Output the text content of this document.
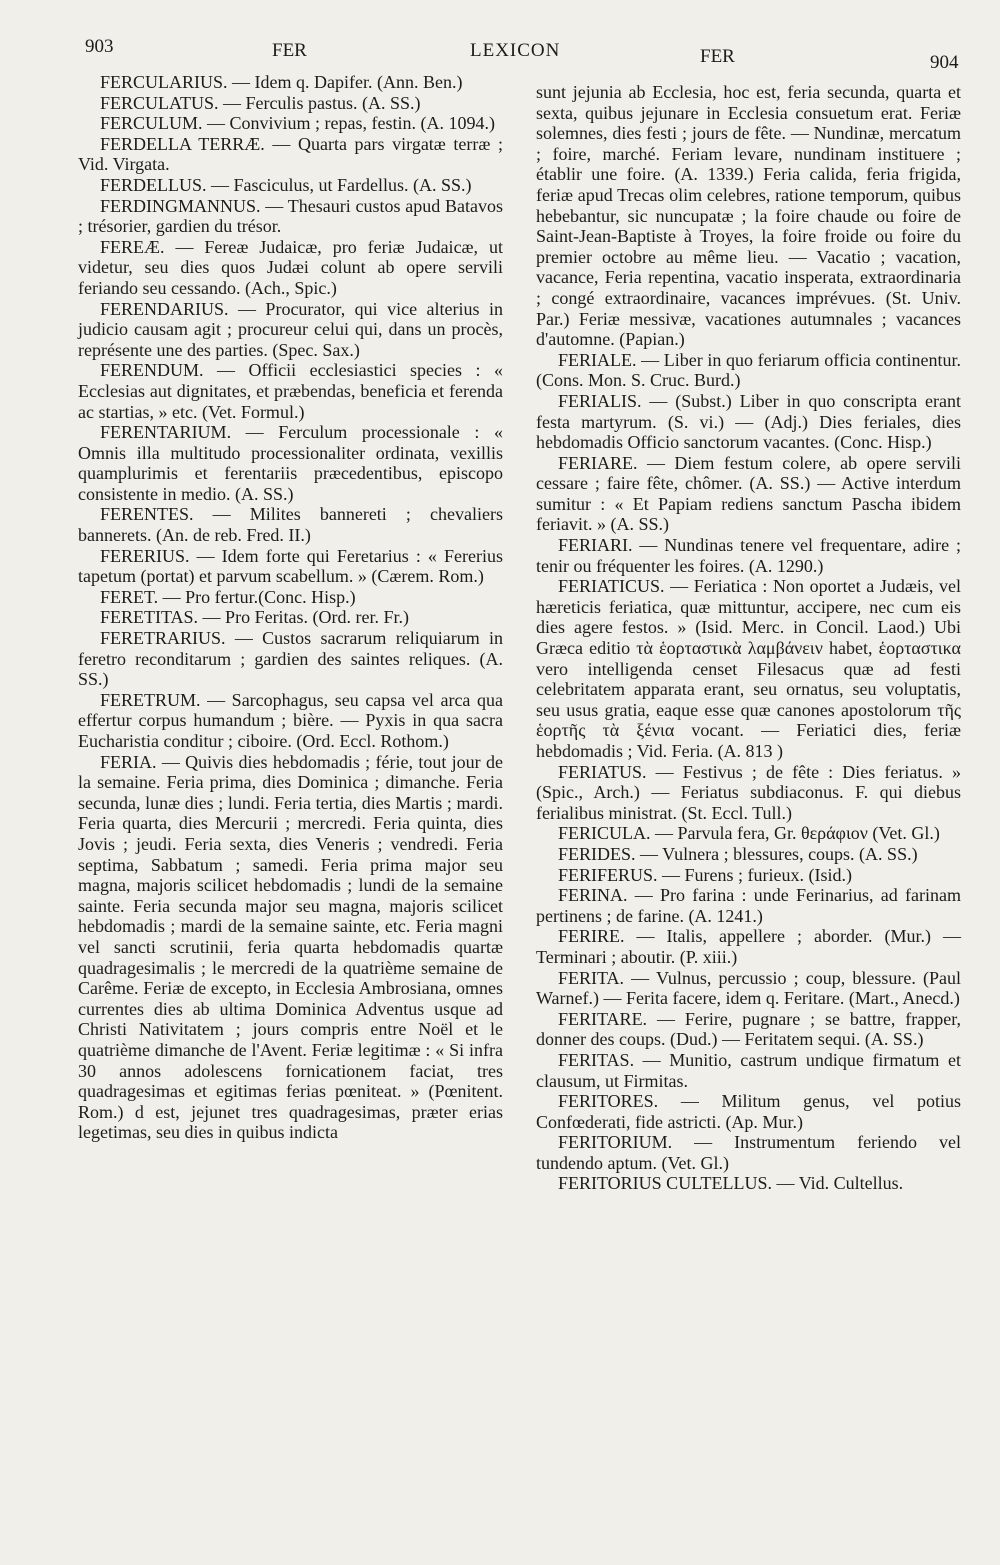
903	FER	LEXICON	FER	904

FERCULARIUS. — Idem q. Dapifer. (Ann. Ben.)

FERCULATUS. — Ferculis pastus. (A. SS.)

FERCULUM. — Convivium ; repas, festin. (A. 1094.)

FERDELLA TERRÆ. — Quarta pars virgatæ terræ ; Vid. Virgata.

FERDELLUS. — Fasciculus, ut Fardellus. (A. SS.)

FERDINGMANNUS. — Thesauri custos apud Batavos ; trésorier, gardien du trésor.

FEREÆ. — Fereæ Judaicæ, pro feriæ Judaicæ, ut videtur, seu dies quos Judæi colunt ab opere servili feriando seu cessando. (Ach., Spic.)

FERENDARIUS. — Procurator, qui vice alterius in judicio causam agit ; procureur celui qui, dans un procès, représente une des parties. (Spec. Sax.)

FERENDUM. — Officii ecclesiastici species : « Ecclesias aut dignitates, et præbendas, beneficia et ferenda ac startias, » etc. (Vet. Formul.)

FERENTARIUM. — Ferculum processionale : « Omnis illa multitudo processionaliter ordinata, vexillis quamplurimis et ferentariis præcedentibus, episcopo consistente in medio. (A. SS.)

FERENTES. — Milites bannereti ; chevaliers bannerets. (An. de reb. Fred. II.)

FERERIUS. — Idem forte qui Feretarius : « Fererius tapetum (portat) et parvum scabellum. » (Cærem. Rom.)

FERET. — Pro fertur.(Conc. Hisp.)

FERETITAS. — Pro Feritas. (Ord. rer. Fr.)

FERETRARIUS. — Custos sacrarum reliquiarum in feretro reconditarum ; gardien des saintes reliques. (A. SS.)

FERETRUM. — Sarcophagus, seu capsa vel arca qua effertur corpus humandum ; bière. — Pyxis in qua sacra Eucharistia conditur ; ciboire. (Ord. Eccl. Rothom.)

FERIA. — Quivis dies hebdomadis ; férie, tout jour de la semaine. Feria prima, dies Dominica ; dimanche. Feria secunda, lunæ dies ; lundi. Feria tertia, dies Martis ; mardi. Feria quarta, dies Mercurii ; mercredi. Feria quinta, dies Jovis ; jeudi. Feria sexta, dies Veneris ; vendredi. Feria septima, Sabbatum ; samedi. Feria prima major seu magna, majoris scilicet hebdomadis ; lundi de la semaine sainte. Feria secunda major seu magna, majoris scilicet hebdomadis ; mardi de la semaine sainte, etc. Feria magni vel sancti scrutinii, feria quarta hebdomadis quartæ quadragesimalis ; le mercredi de la quatrième semaine de Carême. Feriæ de excepto, in Ecclesia Ambrosiana, omnes currentes dies ab ultima Dominica Adventus usque ad Christi Nativitatem ; jours compris entre Noël et le quatrième dimanche de l'Avent. Feriæ legitimæ : « Si infra 30 annos adolescens fornicationem faciat, tres quadragesimas et egitimas ferias pœniteat. » (Pœnitent. Rom.) d est, jejunet tres quadragesimas, præter erias legetimas, seu dies in quibus indicta

sunt jejunia ab Ecclesia, hoc est, feria secunda, quarta et sexta, quibus jejunare in Ecclesia consuetum erat. Feriæ solemnes, dies festi ; jours de fête. — Nundinæ, mercatum ; foire, marché. Feriam levare, nundinam instituere ; établir une foire. (A. 1339.) Feria calida, feria frigida, feriæ apud Trecas olim celebres, ratione temporum, quibus hebebantur, sic nuncupatæ ; la foire chaude ou foire de Saint-Jean-Baptiste à Troyes, la foire froide ou foire du premier octobre au même lieu. — Vacatio ; vacation, vacance, Feria repentina, vacatio insperata, extraordinaria ; congé extraordinaire, vacances imprévues. (St. Univ. Par.) Feriæ messivæ, vacationes autumnales ; vacances d'automne. (Papian.)

FERIALE. — Liber in quo feriarum officia continentur. (Cons. Mon. S. Cruc. Burd.)

FERIALIS. — (Subst.) Liber in quo conscripta erant festa martyrum. (S. vi.) — (Adj.) Dies feriales, dies hebdomadis Officio sanctorum vacantes. (Conc. Hisp.)

FERIARE. — Diem festum colere, ab opere servili cessare ; faire fête, chômer. (A. SS.) — Active interdum sumitur : « Et Papiam rediens sanctum Pascha ibidem feriavit. » (A. SS.)

FERIARI. — Nundinas tenere vel frequentare, adire ; tenir ou fréquenter les foires. (A. 1290.)

FERIATICUS. — Feriatica : Non oportet a Judæis, vel hæreticis feriatica, quæ mittuntur, accipere, nec cum eis dies agere festos. » (Isid. Merc. in Concil. Laod.) Ubi Græca editio τὰ ἑορταστικὰ λαμβάνειν habet, ἑορταστικα vero intelligenda censet Filesacus quæ ad festi celebritatem apparata erant, seu ornatus, seu voluptatis, seu usus gratia, eaque esse quæ canones apostolorum τῆς ἑορτῆς τὰ ξένια vocant. — Feriatici dies, feriæ hebdomadis ; Vid. Feria. (A. 813 )

FERIATUS. — Festivus ; de fête : Dies feriatus. » (Spic., Arch.) — Feriatus subdiaconus. F. qui diebus ferialibus ministrat. (St. Eccl. Tull.)

FERICULA. — Parvula fera, Gr. θεράφιον (Vet. Gl.)

FERIDES. — Vulnera ; blessures, coups. (A. SS.)

FERIFERUS. — Furens ; furieux. (Isid.)

FERINA. — Pro farina : unde Ferinarius, ad farinam pertinens ; de farine. (A. 1241.)

FERIRE. — Italis, appellere ; aborder. (Mur.) — Terminari ; aboutir. (P. xiii.)

FERITA. — Vulnus, percussio ; coup, blessure. (Paul Warnef.) — Ferita facere, idem q. Feritare. (Mart., Anecd.)

FERITARE. — Ferire, pugnare ; se battre, frapper, donner des coups. (Dud.) — Feritatem sequi. (A. SS.)

FERITAS. — Munitio, castrum undique firmatum et clausum, ut Firmitas.

FERITORES. — Militum genus, vel potius Confœderati, fide astricti. (Ap. Mur.)

FERITORIUM. — Instrumentum feriendo vel tundendo aptum. (Vet. Gl.)

FERITORIUS CULTELLUS. — Vid. Cultellus.
